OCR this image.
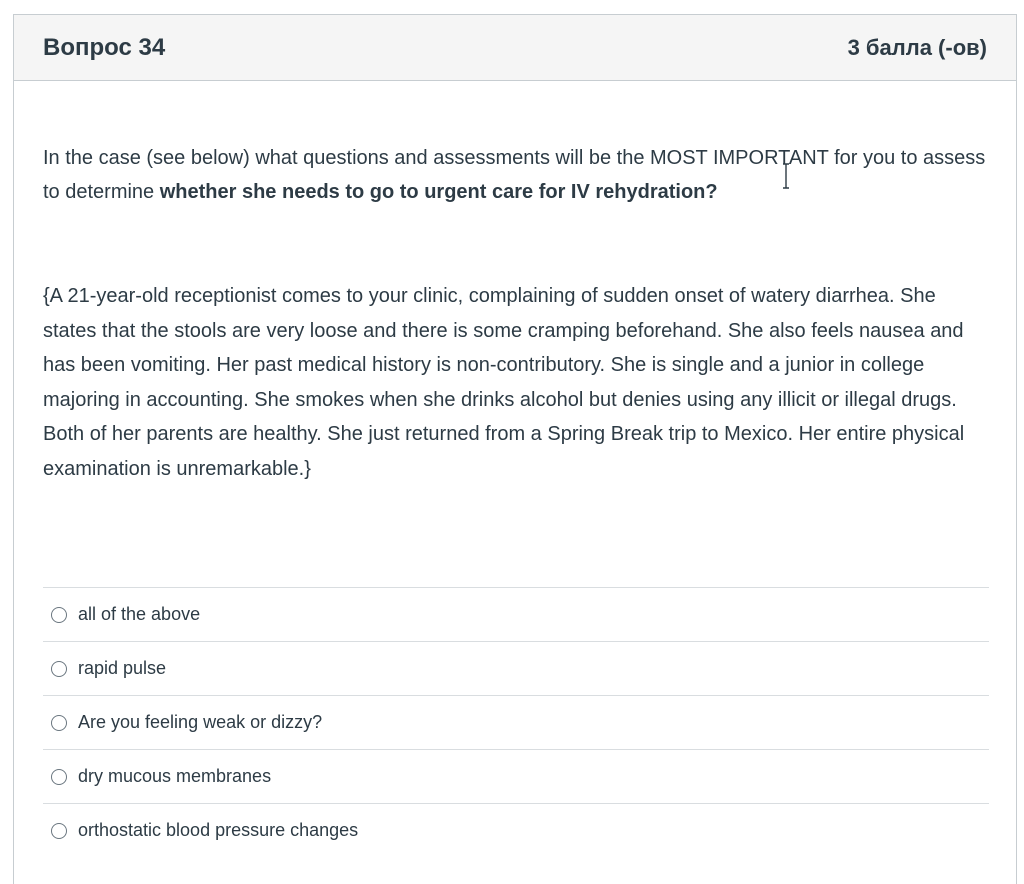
Вопрос 34	3 балла (-ов)

In the case (see below) what questions and assessments will be the MOST IMPORTANT for you to assess to determine whether she needs to go to urgent care for IV rehydration?

{A 21-year-old receptionist comes to your clinic, complaining of sudden onset of watery diarrhea. She states that the stools are very loose and there is some cramping beforehand. She also feels nausea and has been vomiting. Her past medical history is non-contributory. She is single and a junior in college majoring in accounting. She smokes when she drinks alcohol but denies using any illicit or illegal drugs. Both of her parents are healthy. She just returned from a Spring Break trip to Mexico. Her entire physical examination is unremarkable.}

all of the above
rapid pulse
Are you feeling weak or dizzy?
dry mucous membranes
orthostatic blood pressure changes
